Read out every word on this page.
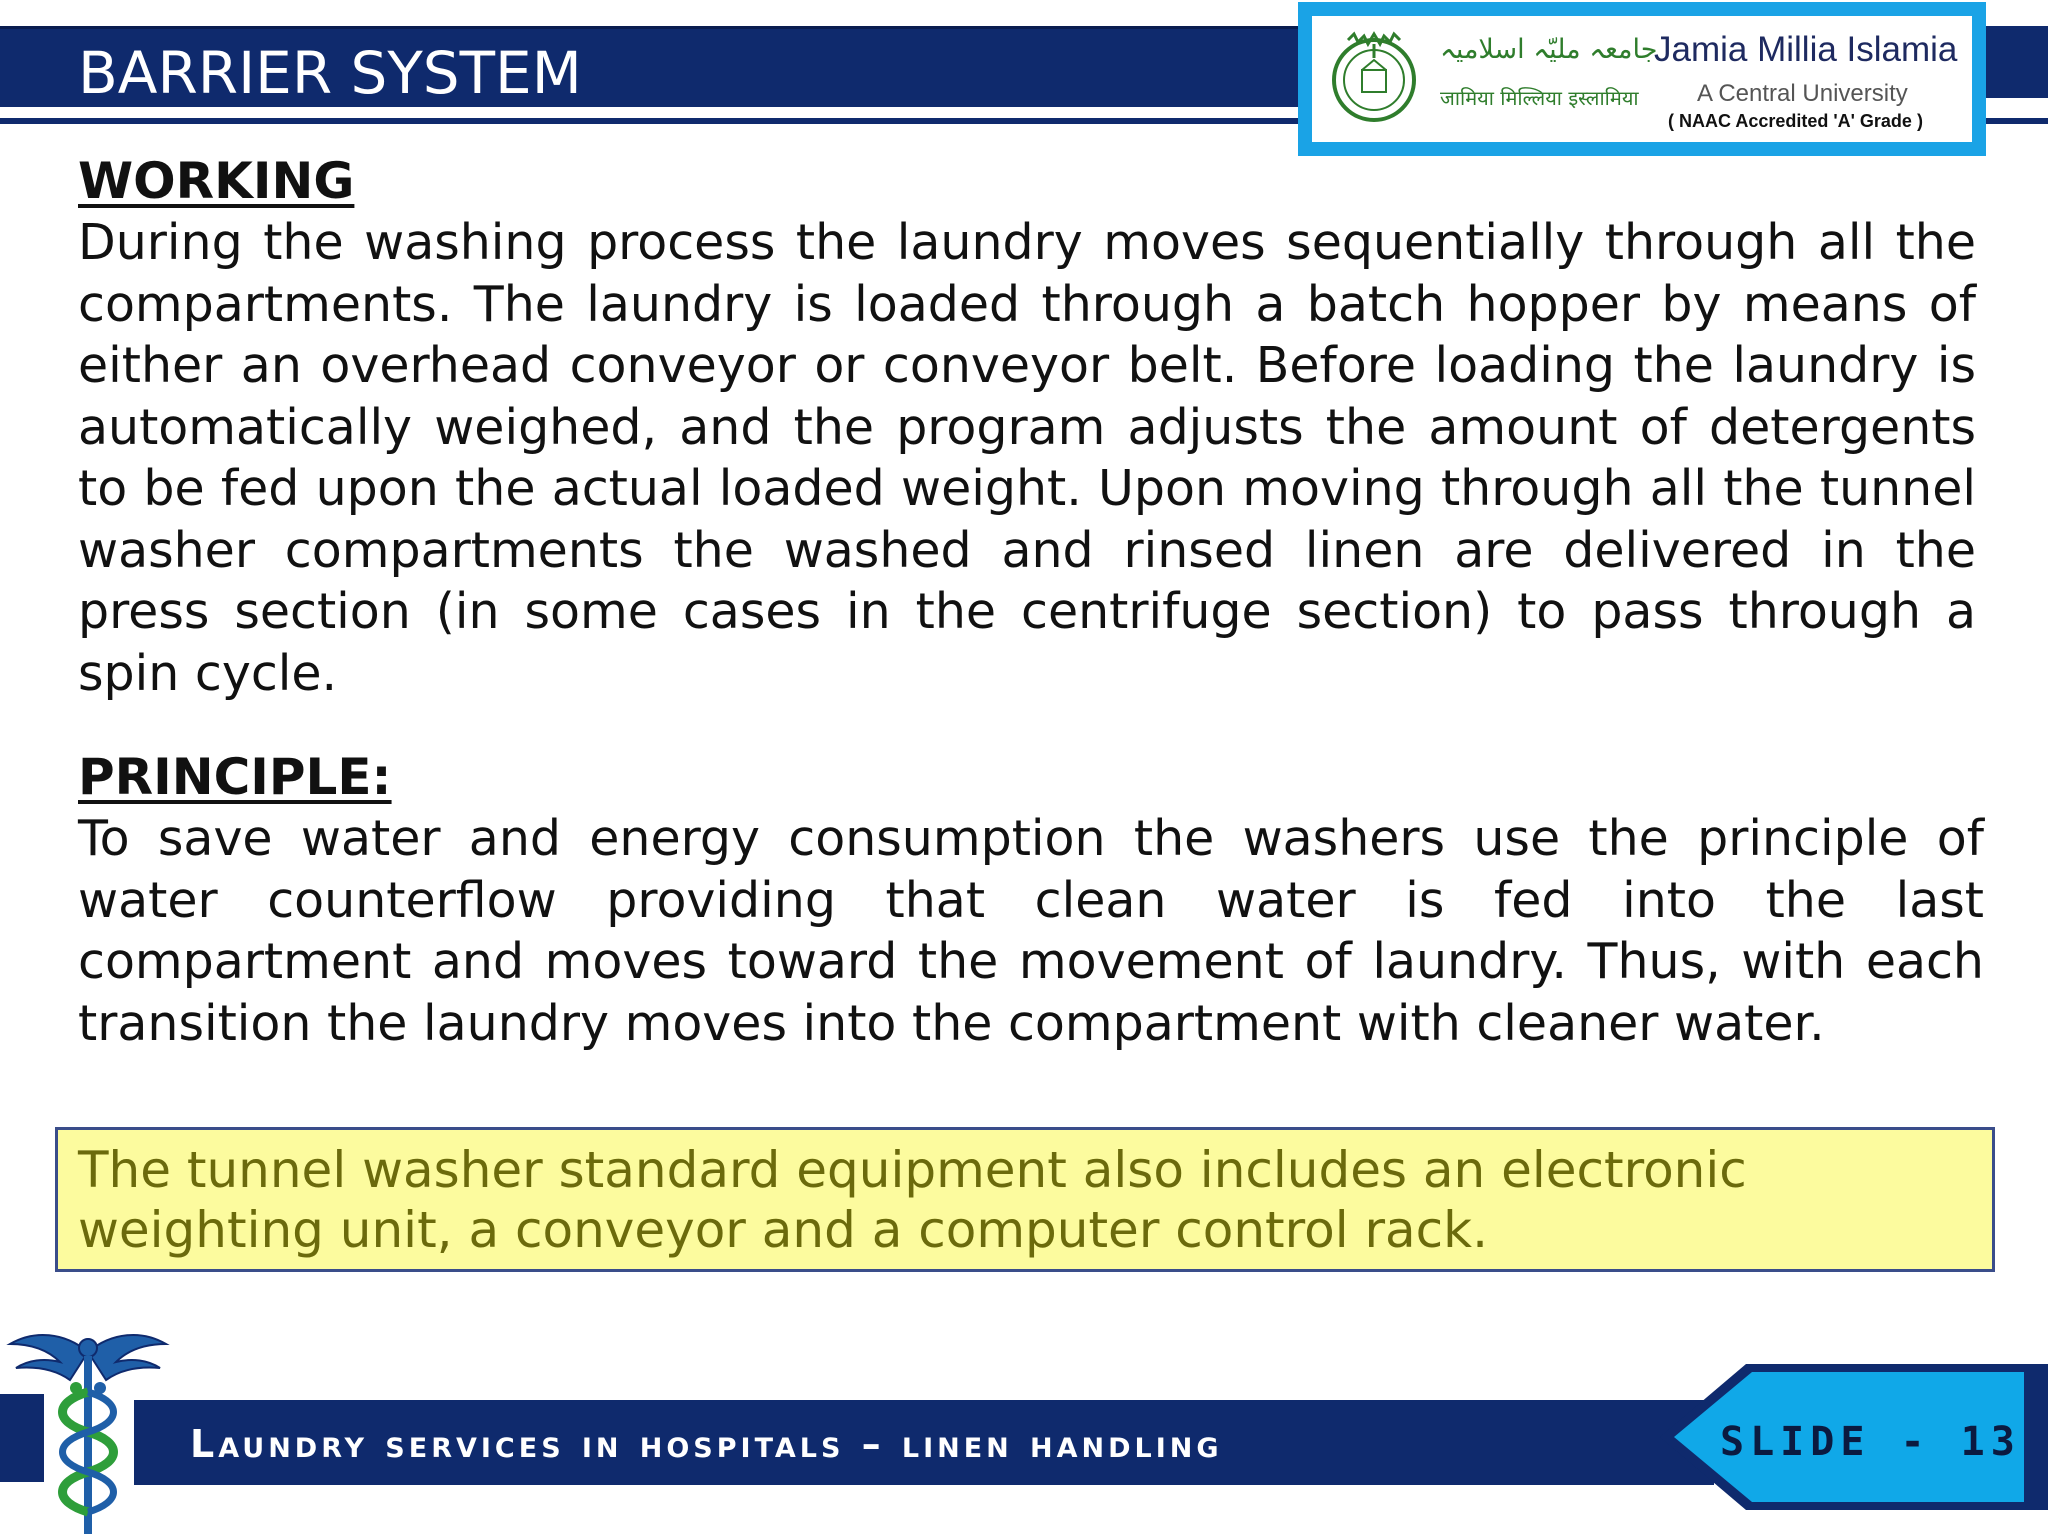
BARRIER SYSTEM	جامعہ ملیّہ اسلامیہ
जामिया मिल्लिया इस्लामिया
Jamia Millia Islamia
A Central University
( NAAC Accredited 'A' Grade )
WORKING

During the washing process the laundry moves sequentially through all the compartments. The laundry is loaded through a batch hopper by means of either an overhead conveyor or conveyor belt. Before loading the laundry is automatically weighed, and the program adjusts the amount of detergents to be fed upon the actual loaded weight. Upon moving through all the tunnel washer compartments the washed and rinsed linen are delivered in the press section (in some cases in the centrifuge section) to pass through a spin cycle.

PRINCIPLE:

To save water and energy consumption the washers use the principle of water counterflow providing that clean water is fed into the last compartment and moves toward the movement of laundry. Thus, with each transition the laundry moves into the compartment with cleaner water.

The tunnel washer standard equipment also includes an electronic weighting unit, a conveyor and a computer control rack.

Laundry services in hospitals – linen handling	SLIDE - 13
